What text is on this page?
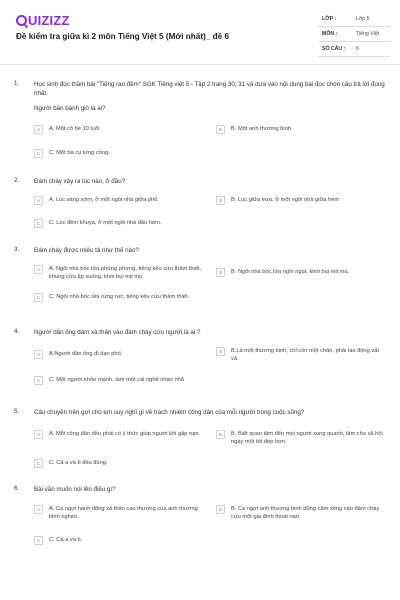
UIZIZZ
Đề kiểm tra giữa kì 2 môn Tiếng Việt 5 (Mới nhất)_ đề 6
LỚP :	Lớp 5
MÔN :	Tiếng Việt
SỐ CÂU : 6
1. Học sinh đọc thầm bài "Tiếng rao đêm" SGK Tiếng việt 5 - Tập 2 trang 30, 31 và dựa vào nội dung bài đọc chọn câu trả lời đúng nhất.
Người bán bánh giò là ai?
A	A. Một cô bé 10 tuổi	B	B. Một anh thương binh.
C	C. Một bà cụ lưng còng.
2. Đám cháy xảy ra lúc nào, ở đâu?
A	A. Lúc sáng sớm, ở một ngôi nhà giữa phố.	B	B. Lúc giữa trưa, ở một ngôi nhà giữa hẻm
C	C. Lúc đêm khuya, ở một ngôi nhà đầu hẻm.
3. Đám cháy được miêu tả như thế nào?
A	A. Ngôi nhà bốc lửa phừng phừng, tiếng kêu cứu thảm thiết, khung cửa ập xuống, khói bụi mịt mù.
B	B. Ngôi nhà bốc lửa nghi ngút, khói bụi mịt mù,
C	C. Ngôi nhà bốc lửa rừng rực, tiếng kêu cứu thảm thiết.
4. Người dân ông dám xả thân vào đám cháy cứu người là ai ?
A	A.Người đàn ông đi dạo phố.	B	B.Là một thương binh, chỉ còn một chân, phải lao động vất vả.
C	C. Một người khỏe mạnh, làm một cái nghề nhàn nhã
5. Câu chuyện trên gợi cho em suy nghĩ gì về trách nhiệm công dân của mỗi người trong cuộc sống?
A	A. Mỗi công dân đều phải có ý thức giúp người khi gặp nạn.	B	B. Biết quan tâm đến mọi người xung quanh, làm cho xã hội ngày một tốt đẹp hơn.
C	C. Cả a và b đều đúng.
6. Bài văn muốn nói lên điều gì?
A	A. Ca ngợi hành động xả thân cao thượng của anh thương binh nghèo.
B	B. Ca ngợi anh thương binh dũng cảm xông vào đám cháy cứu một gia đình thoát nạn.
C	C. Cả a và b.
